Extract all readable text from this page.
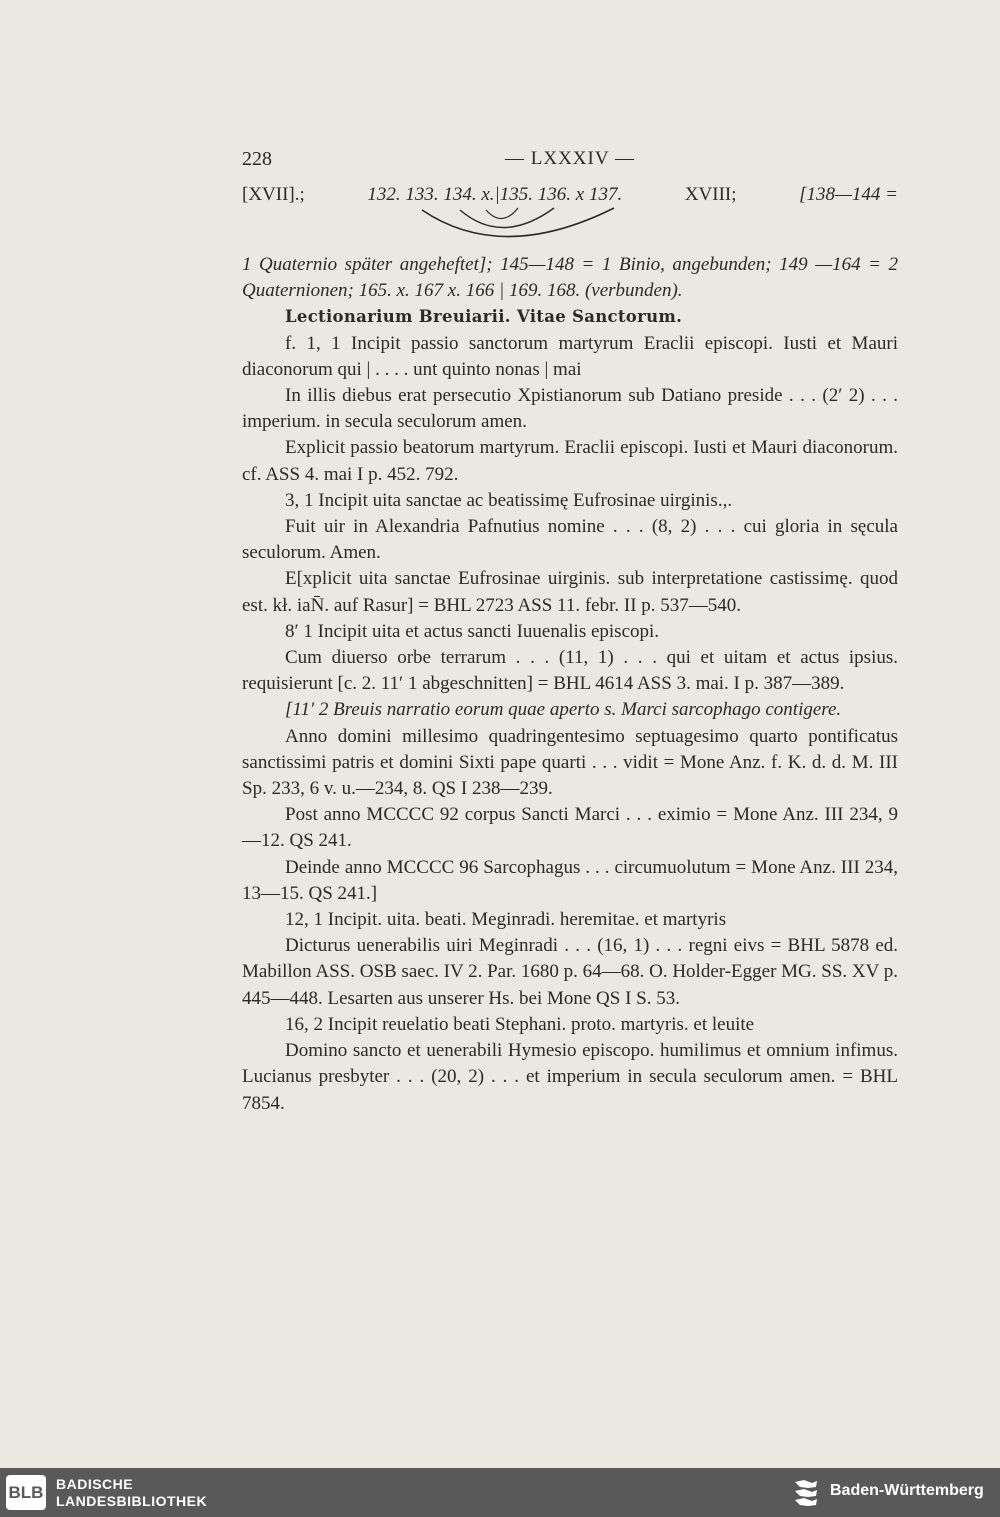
228	— LXXXIV —
[XVII].;	132. 133. 134. x.|135. 136. x 137.	XVIII;	[138—144 =

1 Quaternio später angeheftet]; 145—148 = 1 Binio, angebunden; 149 —164 = 2 Quaternionen; 165. x. 167 x. 166 | 169. 168. (verbunden).

Lectionarium Breuiarii. Vitae Sanctorum.

f. 1, 1 Incipit passio sanctorum martyrum Eraclii episcopi. Iusti et Mauri diaconorum qui | . . . . unt quinto nonas | mai

In illis diebus erat persecutio Xpistianorum sub Datiano preside . . . (2′ 2) . . . imperium. in secula seculorum amen.

Explicit passio beatorum martyrum. Eraclii episcopi. Iusti et Mauri diaconorum. cf. ASS 4. mai I p. 452. 792.

3, 1 Incipit uita sanctae ac beatissimę Eufrosinae uirginis.,.

Fuit uir in Alexandria Pafnutius nomine . . . (8, 2) . . . cui gloria in sęcula seculorum. Amen.

E[xplicit uita sanctae Eufrosinae uirginis. sub interpretatione castissimę. quod est. kł. iaN̄. auf Rasur] = BHL 2723 ASS 11. febr. II p. 537—540.

8′ 1 Incipit uita et actus sancti Iuuenalis episcopi.

Cum diuerso orbe terrarum . . . (11, 1) . . . qui et uitam et actus ipsius. requisierunt [c. 2. 11′ 1 abgeschnitten] = BHL 4614 ASS 3. mai. I p. 387—389.

[11′ 2 Breuis narratio eorum quae aperto s. Marci sarcophago contigere.

Anno domini millesimo quadringentesimo septuagesimo quarto pontificatus sanctissimi patris et domini Sixti pape quarti . . . vidit = Mone Anz. f. K. d. d. M. III Sp. 233, 6 v. u.—234, 8. QS I 238—239.

Post anno MCCCC 92 corpus Sancti Marci . . . eximio = Mone Anz. III 234, 9—12. QS 241.

Deinde anno MCCCC 96 Sarcophagus . . . circumuolutum = Mone Anz. III 234, 13—15. QS 241.]

12, 1 Incipit. uita. beati. Meginradi. heremitae. et martyris

Dicturus uenerabilis uiri Meginradi . . . (16, 1) . . . regni eivs = BHL 5878 ed. Mabillon ASS. OSB saec. IV 2. Par. 1680 p. 64—68. O. Holder-Egger MG. SS. XV p. 445—448. Lesarten aus unserer Hs. bei Mone QS I S. 53.

16, 2 Incipit reuelatio beati Stephani. proto. martyris. et leuite

Domino sancto et uenerabili Hymesio episcopo. humilimus et omnium infimus. Lucianus presbyter . . . (20, 2) . . . et imperium in secula seculorum amen. = BHL 7854.

BLB BADISCHE
LANDESBIBLIOTHEK
Baden-Württemberg
